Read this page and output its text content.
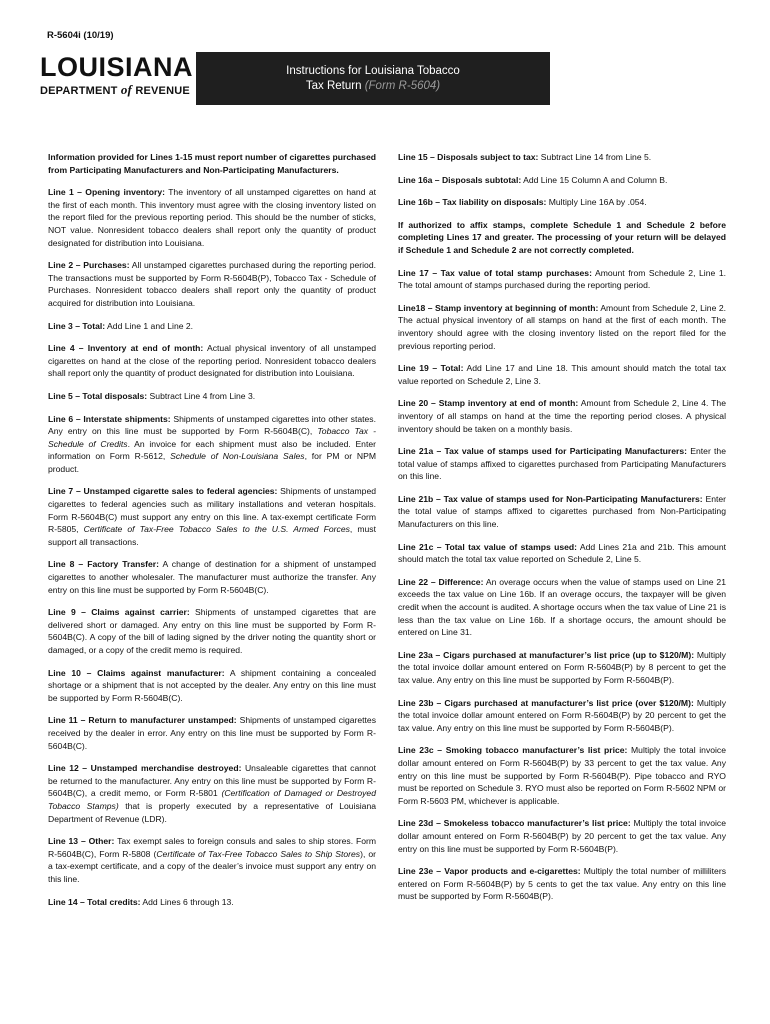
R-5604i (10/19)
LOUISIANA
DEPARTMENT of REVENUE
Instructions for Louisiana Tobacco
Tax Return (Form R-5604)

Information provided for Lines 1-15 must report number of cigarettes purchased from Participating Manufacturers and Non-Participating Manufacturers.

Line 1 – Opening inventory: The inventory of all unstamped cigarettes on hand at the first of each month. This inventory must agree with the closing inventory listed on the report filed for the previous reporting period. This should be the number of sticks, NOT value. Nonresident tobacco dealers shall report only the quantity of product designated for distribution into Louisiana.

Line 2 – Purchases: All unstamped cigarettes purchased during the reporting period. The transactions must be supported by Form R-5604B(P), Tobacco Tax - Schedule of Purchases. Nonresident tobacco dealers shall report only the quantity of product acquired for distribution into Louisiana.

Line 3 – Total: Add Line 1 and Line 2.

Line 4 – Inventory at end of month: Actual physical inventory of all unstamped cigarettes on hand at the close of the reporting period. Nonresident tobacco dealers shall report only the quantity of product designated for distribution into Louisiana.

Line 5 – Total disposals: Subtract Line 4 from Line 3.

Line 6 – Interstate shipments: Shipments of unstamped cigarettes into other states. Any entry on this line must be supported by Form R-5604B(C), Tobacco Tax - Schedule of Credits. An invoice for each shipment must also be included. Enter information on Form R-5612, Schedule of Non-Louisiana Sales, for PM or NPM product.

Line 7 – Unstamped cigarette sales to federal agencies: Shipments of unstamped cigarettes to federal agencies such as military installations and veteran hospitals. Form R-5604B(C) must support any entry on this line. A tax-exempt certificate Form R-5805, Certificate of Tax-Free Tobacco Sales to the U.S. Armed Forces, must support all transactions.

Line 8 – Factory Transfer: A change of destination for a shipment of unstamped cigarettes to another wholesaler. The manufacturer must authorize the transfer. Any entry on this line must be supported by Form R-5604B(C).

Line 9 – Claims against carrier: Shipments of unstamped cigarettes that are delivered short or damaged. Any entry on this line must be supported by Form R-5604B(C). A copy of the bill of lading signed by the driver noting the quantity short or damaged, or a copy of the credit memo is required.

Line 10 – Claims against manufacturer: A shipment containing a concealed shortage or a shipment that is not accepted by the dealer. Any entry on this line must be supported by Form R-5604B(C).

Line 11 – Return to manufacturer unstamped: Shipments of unstamped cigarettes received by the dealer in error. Any entry on this line must be supported by Form R-5604B(C).

Line 12 – Unstamped merchandise destroyed: Unsaleable cigarettes that cannot be returned to the manufacturer. Any entry on this line must be supported by Form R-5604B(C), a credit memo, or Form R-5801 (Certification of Damaged or Destroyed Tobacco Stamps) that is properly executed by a representative of Louisiana Department of Revenue (LDR).

Line 13 – Other: Tax exempt sales to foreign consuls and sales to ship stores. Form R-5604B(C), Form R-5808 (Certificate of Tax-Free Tobacco Sales to Ship Stores), or a tax-exempt certificate, and a copy of the dealer’s invoice must support any entry on this line.

Line 14 – Total credits: Add Lines 6 through 13.

Line 15 – Disposals subject to tax: Subtract Line 14 from Line 5.

Line 16a – Disposals subtotal: Add Line 15 Column A and Column B.

Line 16b – Tax liability on disposals: Multiply Line 16A by .054.

If authorized to affix stamps, complete Schedule 1 and Schedule 2 before completing Lines 17 and greater. The processing of your return will be delayed if Schedule 1 and Schedule 2 are not correctly completed.

Line 17 – Tax value of total stamp purchases: Amount from Schedule 2, Line 1. The total amount of stamps purchased during the reporting period.

Line18 – Stamp inventory at beginning of month: Amount from Schedule 2, Line 2. The actual physical inventory of all stamps on hand at the first of each month. The inventory should agree with the closing inventory listed on the report filed for the previous reporting period.

Line 19 – Total: Add Line 17 and Line 18. This amount should match the total tax value reported on Schedule 2, Line 3.

Line 20 – Stamp inventory at end of month: Amount from Schedule 2, Line 4. The inventory of all stamps on hand at the time the reporting period closes. A physical inventory should be taken on a monthly basis.

Line 21a – Tax value of stamps used for Participating Manufacturers: Enter the total value of stamps affixed to cigarettes purchased from Participating Manufacturers on this line.

Line 21b – Tax value of stamps used for Non-Participating Manufacturers: Enter the total value of stamps affixed to cigarettes purchased from Non-Participating Manufacturers on this line.

Line 21c – Total tax value of stamps used: Add Lines 21a and 21b. This amount should match the total tax value reported on Schedule 2, Line 5.

Line 22 – Difference: An overage occurs when the value of stamps used on Line 21 exceeds the tax value on Line 16b. If an overage occurs, the taxpayer will be given credit when the account is audited. A shortage occurs when the tax value of Line 21 is less than the tax value on Line 16b. If a shortage occurs, the amount should be entered on Line 31.

Line 23a – Cigars purchased at manufacturer’s list price (up to $120/M): Multiply the total invoice dollar amount entered on Form R-5604B(P) by 8 percent to get the tax value. Any entry on this line must be supported by Form R-5604B(P).

Line 23b – Cigars purchased at manufacturer’s list price (over $120/M): Multiply the total invoice dollar amount entered on Form R-5604B(P) by 20 percent to get the tax value. Any entry on this line must be supported by Form R-5604B(P).

Line 23c – Smoking tobacco manufacturer’s list price: Multiply the total invoice dollar amount entered on Form R-5604B(P) by 33 percent to get the tax value. Any entry on this line must be supported by Form R-5604B(P). Pipe tobacco and RYO must be reported on Schedule 3. RYO must also be reported on Form R-5602 NPM or Form R-5603 PM, whichever is applicable.

Line 23d – Smokeless tobacco manufacturer’s list price: Multiply the total invoice dollar amount entered on Form R-5604B(P) by 20 percent to get the tax value. Any entry on this line must be supported by Form R-5604B(P).

Line 23e – Vapor products and e-cigarettes: Multiply the total number of milliliters entered on Form R-5604B(P) by 5 cents to get the tax value. Any entry on this line must be supported by Form R-5604B(P).
